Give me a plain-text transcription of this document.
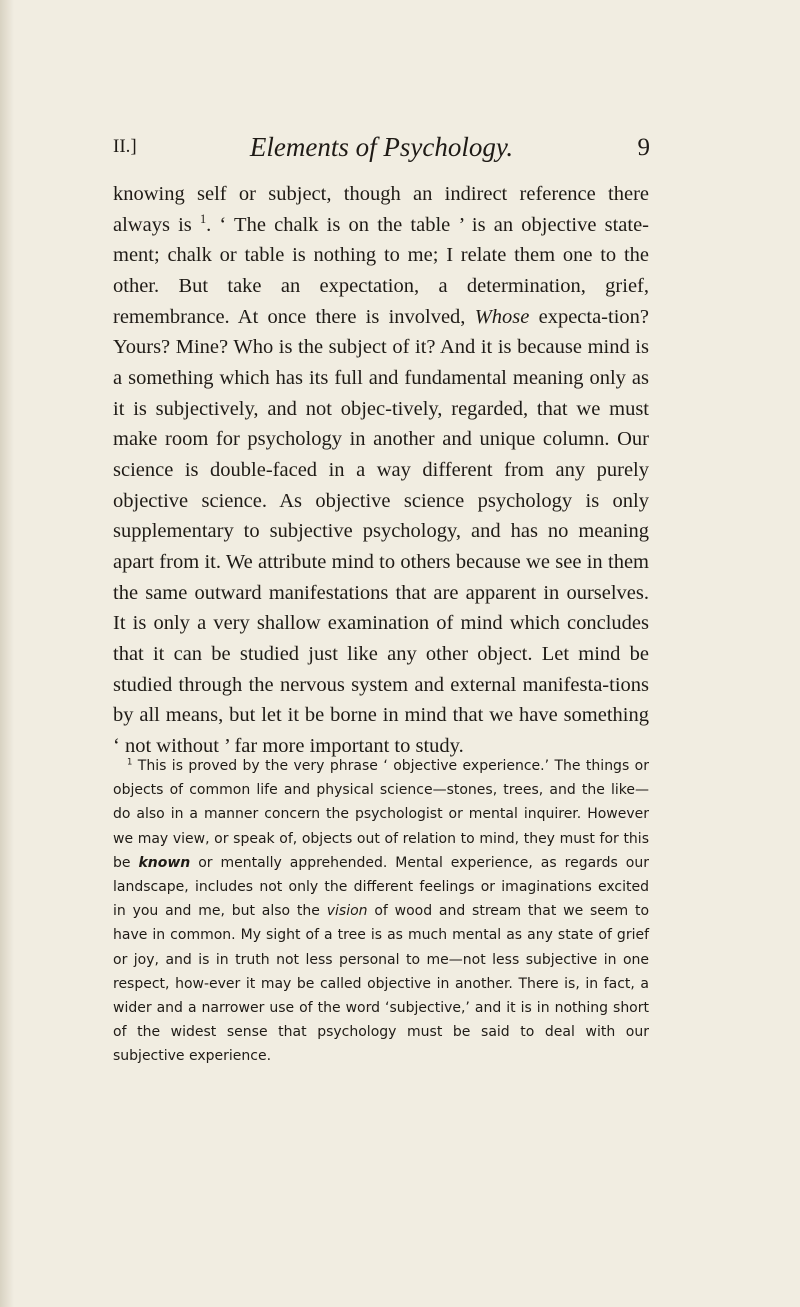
II.]	Elements of Psychology.	9

knowing self or subject, though an indirect reference there always is $^1$. ‘ The chalk is on the table ’ is an objective state-ment; chalk or table is nothing to me; I relate them one to the other. But take an expectation, a determination, grief, remembrance. At once there is involved, Whose expecta-tion? Yours? Mine? Who is the subject of it? And it is because mind is a something which has its full and fundamental meaning only as it is subjectively, and not objec-tively, regarded, that we must make room for psychology in another and unique column. Our science is double-faced in a way different from any purely objective science. As objective science psychology is only supplementary to subjective psychology, and has no meaning apart from it. We attribute mind to others because we see in them the same outward manifestations that are apparent in ourselves. It is only a very shallow examination of mind which concludes that it can be studied just like any other object. Let mind be studied through the nervous system and external manifesta-tions by all means, but let it be borne in mind that we have something ‘ not without ’ far more important to study.

$^1$ This is proved by the very phrase ‘ objective experience.’ The things or objects of common life and physical science—stones, trees, and the like—do also in a manner concern the psychologist or mental inquirer. However we may view, or speak of, objects out of relation to mind, they must for this be known or mentally apprehended. Mental experience, as regards our landscape, includes not only the different feelings or imaginations excited in you and me, but also the vision of wood and stream that we seem to have in common. My sight of a tree is as much mental as any state of grief or joy, and is in truth not less personal to me—not less subjective in one respect, how-ever it may be called objective in another. There is, in fact, a wider and a narrower use of the word ‘subjective,’ and it is in nothing short of the widest sense that psychology must be said to deal with our subjective experience.
